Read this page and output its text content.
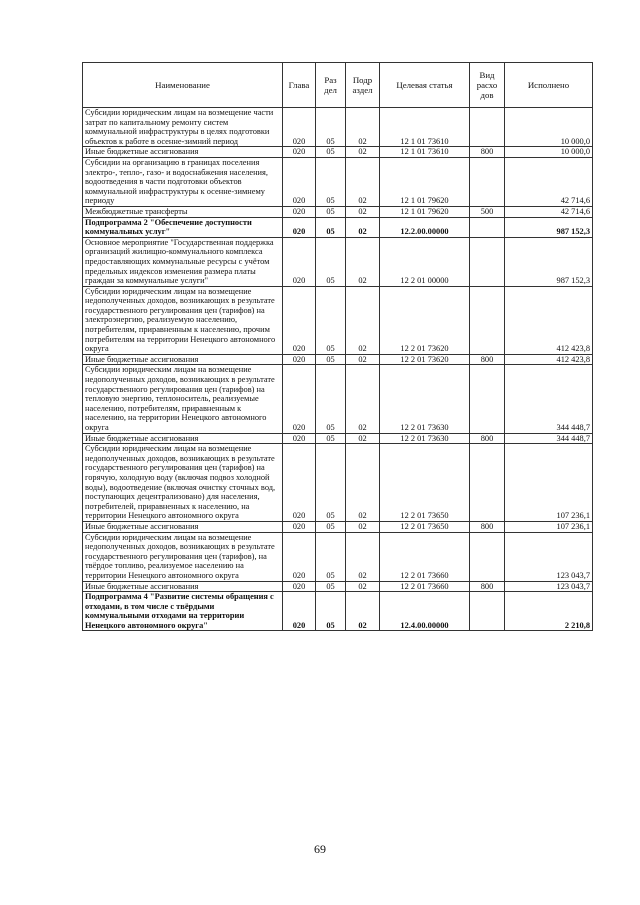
Наименование	Глава	Раз дел	Подр аздел	Целевая статья	Вид расхо дов	Исполнено
Субсидии юридическим лицам на возмещение части затрат по капитальному ремонту систем коммунальной инфраструктуры в целях подготовки объектов к работе в осенне-зимний период	020	05	02	12 1 01 73610		10 000,0
Иные бюджетные ассигнования	020	05	02	12 1 01 73610	800	10 000,0
Субсидии на организацию в границах поселения электро-, тепло-, газо- и водоснабжения населения, водоотведения в части подготовки объектов коммунальной инфраструктуры к осенне-зимнему периоду	020	05	02	12 1 01 79620		42 714,6
Межбюджетные трансферты	020	05	02	12 1 01 79620	500	42 714,6
Подпрограмма 2 "Обеспечение доступности коммунальных услуг"	020	05	02	12.2.00.00000		987 152,3
Основное мероприятие "Государственная поддержка организаций жилищно-коммунального комплекса предоставляющих коммунальные ресурсы с учётом предельных индексов изменения размера платы граждан за коммунальные услуги"	020	05	02	12 2 01 00000		987 152,3
Субсидии юридическим лицам на возмещение недополученных доходов, возникающих в результате государственного регулирования цен (тарифов) на электроэнергию, реализуемую населению, потребителям, приравненным к населению, прочим потребителям на территории Ненецкого автономного округа	020	05	02	12 2 01 73620		412 423,8
Иные бюджетные ассигнования	020	05	02	12 2 01 73620	800	412 423,8
Субсидии юридическим лицам на возмещение недополученных доходов, возникающих в результате государственного регулирования цен (тарифов) на тепловую энергию, теплоноситель, реализуемые населению, потребителям, приравненным к населению, на территории Ненецкого автономного округа	020	05	02	12 2 01 73630		344 448,7
Иные бюджетные ассигнования	020	05	02	12 2 01 73630	800	344 448,7
Субсидии юридическим лицам на возмещение недополученных доходов, возникающих в результате государственного регулирования цен (тарифов) на горячую, холодную воду (включая подвоз холодной воды), водоотведение (включая очистку сточных вод, поступающих децентрализовано) для населения, потребителей, приравненных к населению, на территории Ненецкого автономного округа	020	05	02	12 2 01 73650		107 236,1
Иные бюджетные ассигнования	020	05	02	12 2 01 73650	800	107 236,1
Субсидии юридическим лицам на возмещение недополученных доходов, возникающих в результате государственного регулирования цен (тарифов), на твёрдое топливо, реализуемое населению на территории Ненецкого автономного округа	020	05	02	12 2 01 73660		123 043,7
Иные бюджетные ассигнования	020	05	02	12 2 01 73660	800	123 043,7
Подпрограмма 4 "Развитие системы обращения с отходами, в том числе с твёрдыми коммунальными отходами на территории Ненецкого автономного округа"	020	05	02	12.4.00.00000		2 210,8
69
